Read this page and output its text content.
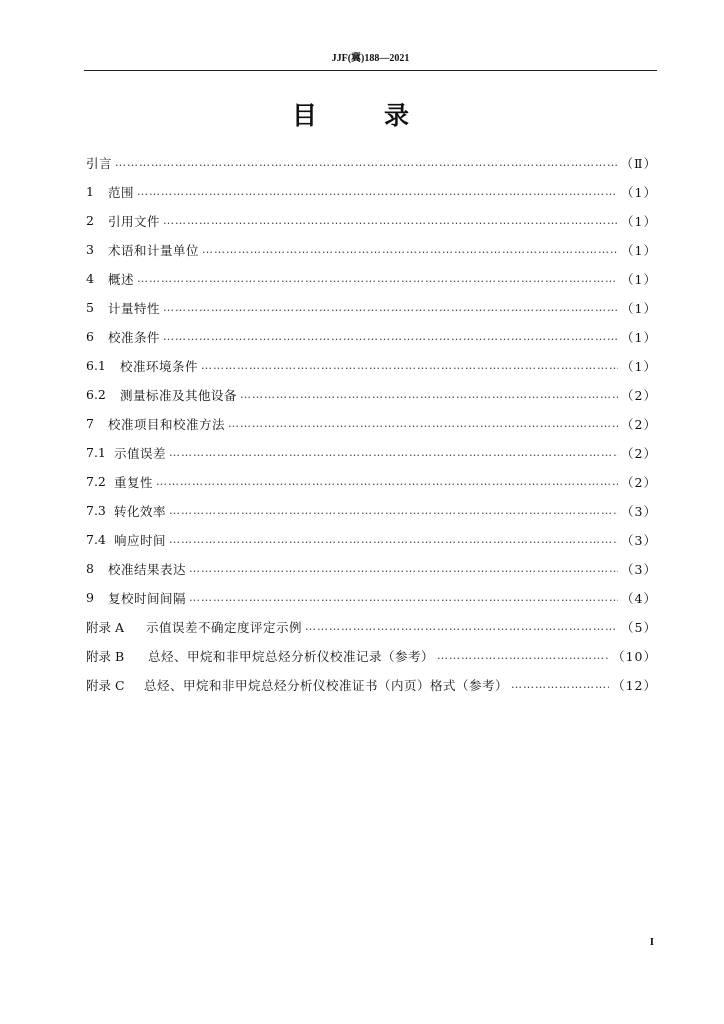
JJF(冀)188—2021
目	录
引言 ……………………………………………………………………………………………………………………………………………………………………………………	（Ⅱ）
1	范围 ……………………………………………………………………………………………………………………………………………………………………………………	（1）
2	引用文件 ……………………………………………………………………………………………………………………………………………………………………………………	（1）
3	术语和计量单位 ……………………………………………………………………………………………………………………………………………………………………………………	（1）
4	概述 ……………………………………………………………………………………………………………………………………………………………………………………	（1）
5	计量特性 ……………………………………………………………………………………………………………………………………………………………………………………	（1）
6	校准条件 ……………………………………………………………………………………………………………………………………………………………………………………	（1）
6.1	校准环境条件 ……………………………………………………………………………………………………………………………………………………………………………………	（1）
6.2	测量标准及其他设备 ……………………………………………………………………………………………………………………………………………………………………………………	（2）
7	校准项目和校准方法 ……………………………………………………………………………………………………………………………………………………………………………………	（2）
7.1 示值误差 ……………………………………………………………………………………………………………………………………………………………………………………	（2）
7.2 重复性 ……………………………………………………………………………………………………………………………………………………………………………………	（2）
7.3 转化效率 ……………………………………………………………………………………………………………………………………………………………………………………	（3）
7.4 响应时间 ……………………………………………………………………………………………………………………………………………………………………………………	（3）
8	校准结果表达 ……………………………………………………………………………………………………………………………………………………………………………………	（3）
9	复校时间间隔 ……………………………………………………………………………………………………………………………………………………………………………………	（4）
附录 A	示值误差不确定度评定示例 ……………………………………………………………………………………………………………………………………………………………………………………	（5）
附录 B	总烃、甲烷和非甲烷总烃分析仪校准记录（参考） ……………………………………………………………………………………………………………………………………………………………………………………	（10）
附录 C	总烃、甲烷和非甲烷总烃分析仪校准证书（内页）格式（参考） ……………………………………………………………………………………………………………………………………………………………………………………	（12）
I
